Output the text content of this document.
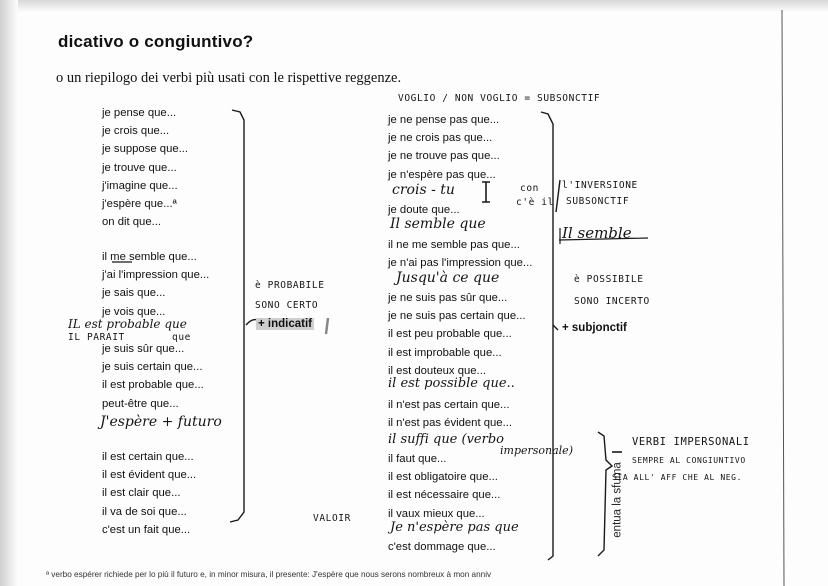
dicativo o congiuntivo?
o un riepilogo dei verbi più usati con le rispettive reggenze.
VOGLIO / NON VOGLIO = SUBSONCTIF
je pense que...
je crois que...
je suppose que...
je trouve que...
j'imagine que...
j'espère que...ª
on dit que...
il me semble que...
j'ai l'impression que...
je sais que...
je vois que...
je suis sûr que...
je suis certain que...
il est probable que...
peut-être que...
il est certain que...
il est évident que...
il est clair que...
il va de soi que...
c'est un fait que...
IL est probable que
IL PARAIT	que
J'espère + futuro
è PROBABILE
SONO CERTO
+ indicatif
VALOIR
je ne pense pas que...
je ne crois pas que...
je ne trouve pas que...
je n'espère pas que...
crois - tu
je doute que...
Il semble que
il ne me semble pas que...
je n'ai pas l'impression que...
Jusqu'à ce que
je ne suis pas sûr que...
je ne suis pas certain que...
il est peu probable que...
il est improbable que...
il est douteux que...
il est possible que..
il n'est pas certain que...
il n'est pas évident que...
il suffi que (verbo
impersonale)
il faut que...
il est obligatoire que...
il est nécessaire que...
il vaux mieux que...
Je n'espère pas que
c'est dommage que...
con
c'è il
l'INVERSIONE
SUBSONCTIF
Il semble
è POSSIBILE
SONO INCERTO
+ subjonctif
VERBI IMPERSONALI
SEMPRE AL CONGIUNTIVO
SIA ALL' AFF CHE AL NEG.
entua la sfuma
ª verbo espérer richiede per lo più il futuro e, in minor misura, il presente: J'espère que nous serons nombreux à mon anniv
